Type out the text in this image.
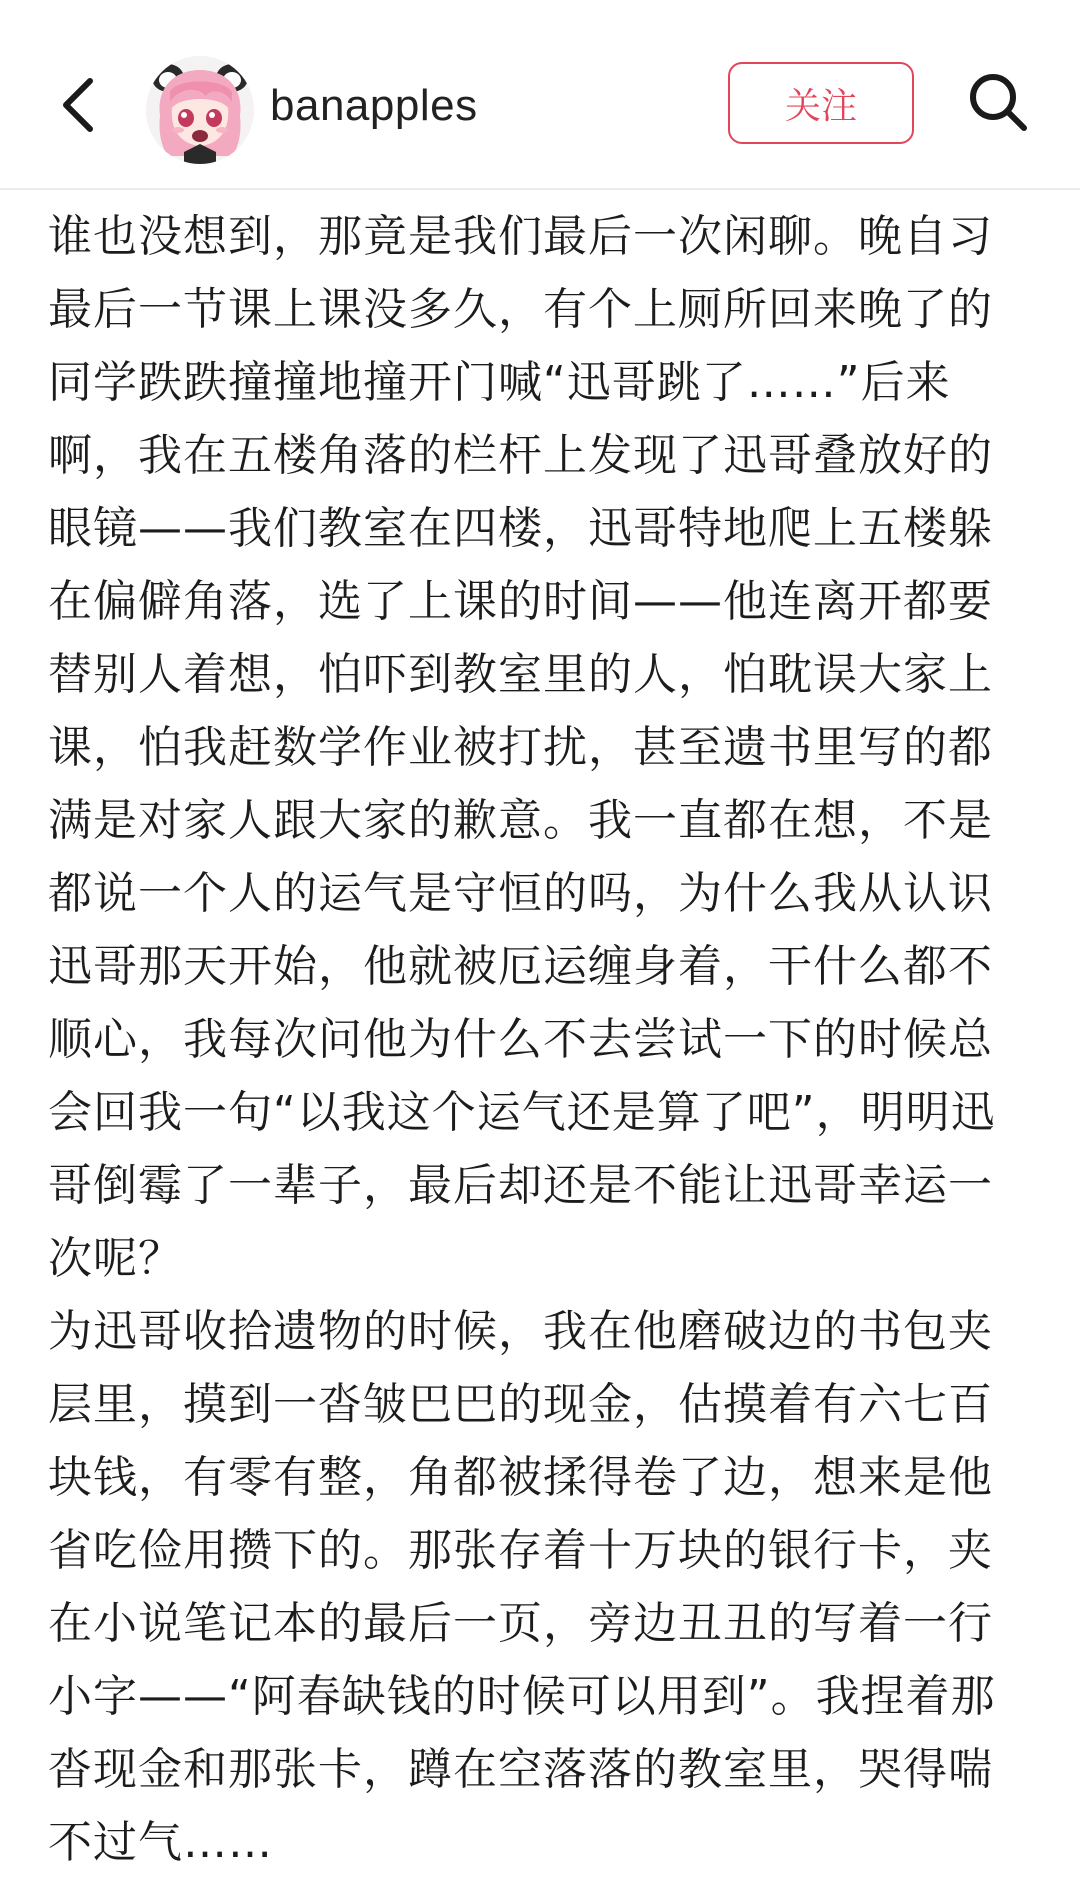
banapples	关注

谁也没想到，那竟是我们最后一次闲聊。晚自习最后一节课上课没多久，有个上厕所回来晚了的同学跌跌撞撞地撞开门喊“迅哥跳了……”后来啊，我在五楼角落的栏杆上发现了迅哥叠放好的眼镜——我们教室在四楼，迅哥特地爬上五楼躲在偏僻角落，选了上课的时间——他连离开都要替别人着想，怕吓到教室里的人，怕耽误大家上课，怕我赶数学作业被打扰，甚至遗书里写的都满是对家人跟大家的歉意。我一直都在想，不是都说一个人的运气是守恒的吗，为什么我从认识迅哥那天开始，他就被厄运缠身着，干什么都不顺心，我每次问他为什么不去尝试一下的时候总会回我一句“以我这个运气还是算了吧”，明明迅哥倒霉了一辈子，最后却还是不能让迅哥幸运一次呢？

为迅哥收拾遗物的时候，我在他磨破边的书包夹层里，摸到一沓皱巴巴的现金，估摸着有六七百块钱，有零有整，角都被揉得卷了边，想来是他省吃俭用攒下的。那张存着十万块的银行卡，夹在小说笔记本的最后一页，旁边丑丑的写着一行小字——“阿春缺钱的时候可以用到”。我捏着那沓现金和那张卡，蹲在空落落的教室里，哭得喘不过气……
